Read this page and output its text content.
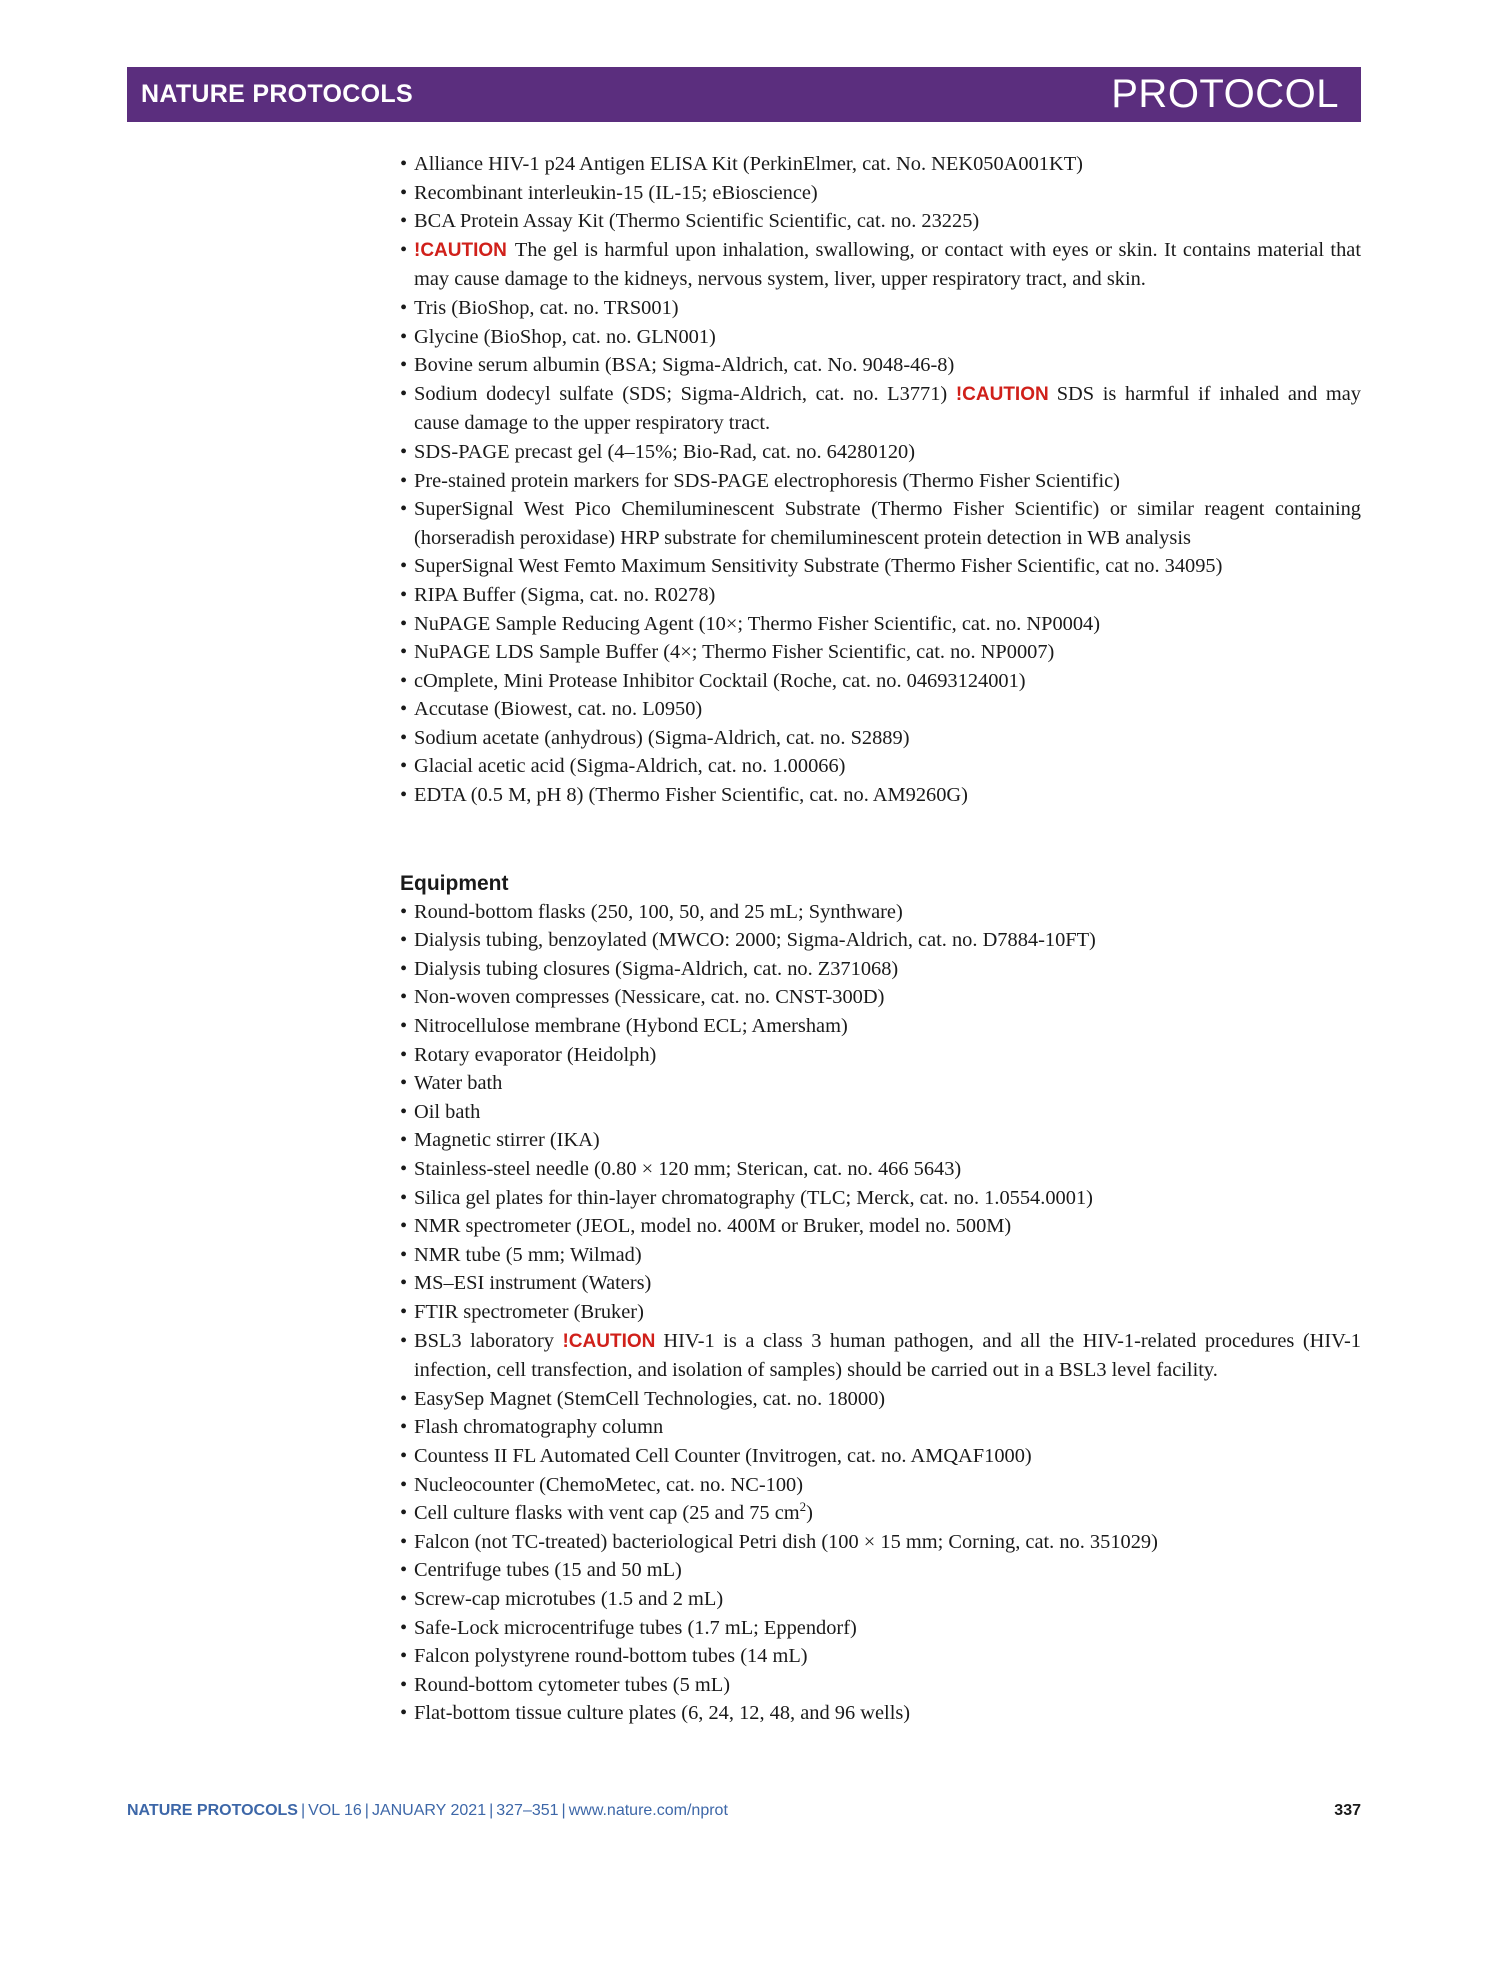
NATURE PROTOCOLS	PROTOCOL
• Alliance HIV-1 p24 Antigen ELISA Kit (PerkinElmer, cat. No. NEK050A001KT)
• Recombinant interleukin-15 (IL-15; eBioscience)
• BCA Protein Assay Kit (Thermo Scientific Scientific, cat. no. 23225)
• !CAUTION The gel is harmful upon inhalation, swallowing, or contact with eyes or skin. It contains material that may cause damage to the kidneys, nervous system, liver, upper respiratory tract, and skin.
• Tris (BioShop, cat. no. TRS001)
• Glycine (BioShop, cat. no. GLN001)
• Bovine serum albumin (BSA; Sigma-Aldrich, cat. No. 9048-46-8)
• Sodium dodecyl sulfate (SDS; Sigma-Aldrich, cat. no. L3771) !CAUTION SDS is harmful if inhaled and may cause damage to the upper respiratory tract.
• SDS-PAGE precast gel (4–15%; Bio-Rad, cat. no. 64280120)
• Pre-stained protein markers for SDS-PAGE electrophoresis (Thermo Fisher Scientific)
• SuperSignal West Pico Chemiluminescent Substrate (Thermo Fisher Scientific) or similar reagent containing (horseradish peroxidase) HRP substrate for chemiluminescent protein detection in WB analysis
• SuperSignal West Femto Maximum Sensitivity Substrate (Thermo Fisher Scientific, cat no. 34095)
• RIPA Buffer (Sigma, cat. no. R0278)
• NuPAGE Sample Reducing Agent (10×; Thermo Fisher Scientific, cat. no. NP0004)
• NuPAGE LDS Sample Buffer (4×; Thermo Fisher Scientific, cat. no. NP0007)
• cOmplete, Mini Protease Inhibitor Cocktail (Roche, cat. no. 04693124001)
• Accutase (Biowest, cat. no. L0950)
• Sodium acetate (anhydrous) (Sigma-Aldrich, cat. no. S2889)
• Glacial acetic acid (Sigma-Aldrich, cat. no. 1.00066)
• EDTA (0.5 M, pH 8) (Thermo Fisher Scientific, cat. no. AM9260G)
Equipment
• Round-bottom flasks (250, 100, 50, and 25 mL; Synthware)
• Dialysis tubing, benzoylated (MWCO: 2000; Sigma-Aldrich, cat. no. D7884-10FT)
• Dialysis tubing closures (Sigma-Aldrich, cat. no. Z371068)
• Non-woven compresses (Nessicare, cat. no. CNST-300D)
• Nitrocellulose membrane (Hybond ECL; Amersham)
• Rotary evaporator (Heidolph)
• Water bath
• Oil bath
• Magnetic stirrer (IKA)
• Stainless-steel needle (0.80 × 120 mm; Sterican, cat. no. 466 5643)
• Silica gel plates for thin-layer chromatography (TLC; Merck, cat. no. 1.0554.0001)
• NMR spectrometer (JEOL, model no. 400M or Bruker, model no. 500M)
• NMR tube (5 mm; Wilmad)
• MS–ESI instrument (Waters)
• FTIR spectrometer (Bruker)
• BSL3 laboratory !CAUTION HIV-1 is a class 3 human pathogen, and all the HIV-1-related procedures (HIV-1 infection, cell transfection, and isolation of samples) should be carried out in a BSL3 level facility.
• EasySep Magnet (StemCell Technologies, cat. no. 18000)
• Flash chromatography column
• Countess II FL Automated Cell Counter (Invitrogen, cat. no. AMQAF1000)
• Nucleocounter (ChemoMetec, cat. no. NC-100)
• Cell culture flasks with vent cap (25 and 75 $cm^2$)
• Falcon (not TC-treated) bacteriological Petri dish (100 × 15 mm; Corning, cat. no. 351029)
• Centrifuge tubes (15 and 50 mL)
• Screw-cap microtubes (1.5 and 2 mL)
• Safe-Lock microcentrifuge tubes (1.7 mL; Eppendorf)
• Falcon polystyrene round-bottom tubes (14 mL)
• Round-bottom cytometer tubes (5 mL)
• Flat-bottom tissue culture plates (6, 24, 12, 48, and 96 wells)
NATURE PROTOCOLS | VOL 16 | JANUARY 2021 | 327–351 | www.nature.com/nprot	337
